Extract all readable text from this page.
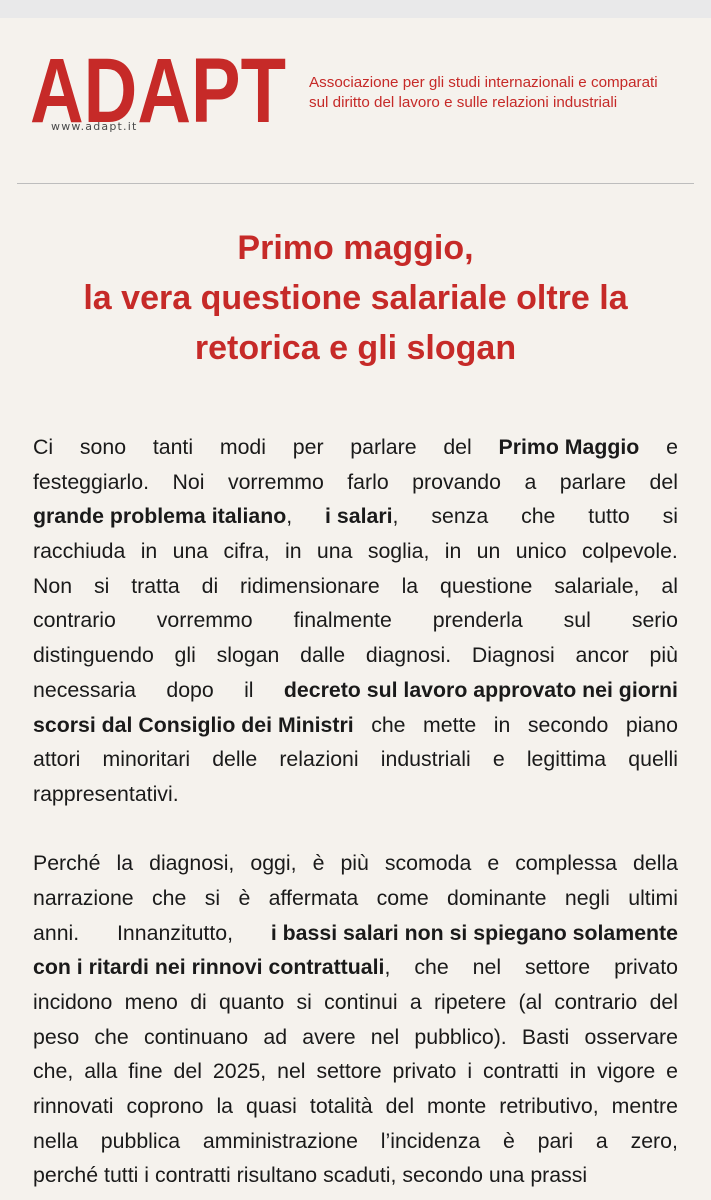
ADAPT
www.adapt.it
Associazione per gli studi internazionali e comparati
sul diritto del lavoro e sulle relazioni industriali
Primo maggio,
la vera questione salariale oltre la
retorica e gli slogan
Ci sono tanti modi per parlare del Primo Maggio e
festeggiarlo. Noi vorremmo farlo provando a parlare del
grande problema italiano, i salari, senza che tutto si
racchiuda in una cifra, in una soglia, in un unico colpevole.
Non si tratta di ridimensionare la questione salariale, al
contrario vorremmo finalmente prenderla sul serio
distinguendo gli slogan dalle diagnosi. Diagnosi ancor più
necessaria dopo il decreto sul lavoro approvato nei giorni
scorsi dal Consiglio dei Ministri che mette in secondo piano
attori minoritari delle relazioni industriali e legittima quelli
rappresentativi.
Perché la diagnosi, oggi, è più scomoda e complessa della
narrazione che si è affermata come dominante negli ultimi
anni. Innanzitutto, i bassi salari non si spiegano solamente
con i ritardi nei rinnovi contrattuali, che nel settore privato
incidono meno di quanto si continui a ripetere (al contrario del
peso che continuano ad avere nel pubblico). Basti osservare
che, alla fine del 2025, nel settore privato i contratti in vigore e
rinnovati coprono la quasi totalità del monte retributivo, mentre
nella pubblica amministrazione l’incidenza è pari a zero,
perché tutti i contratti risultano scaduti, secondo una prassi
